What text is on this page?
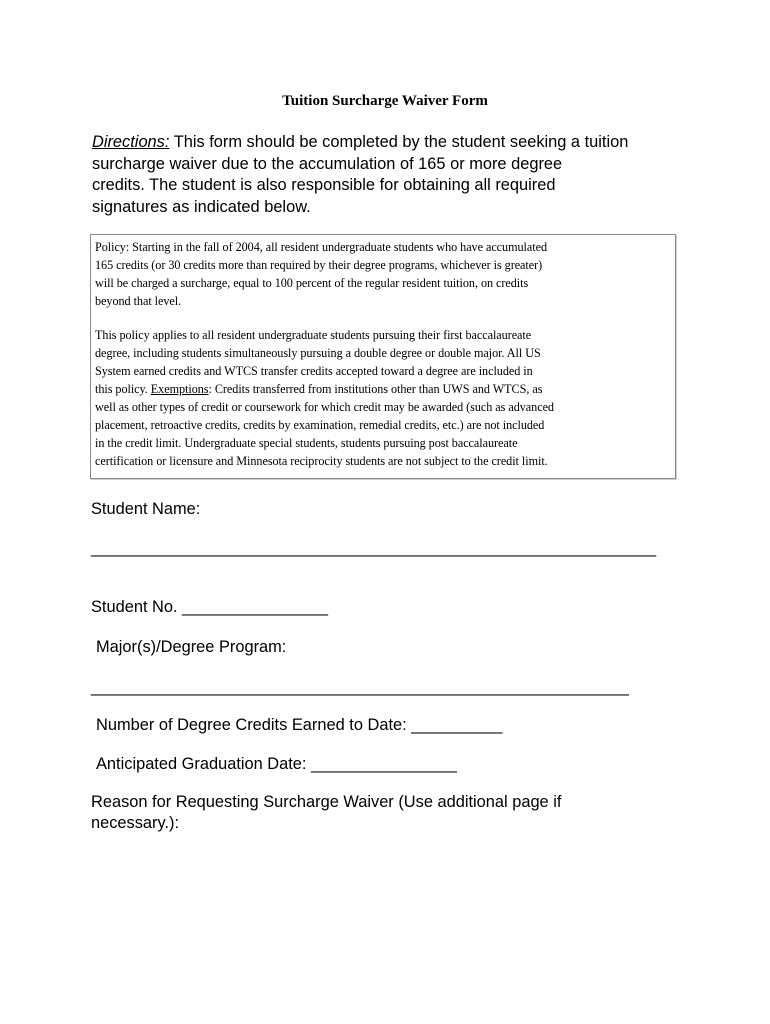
Tuition Surcharge Waiver Form
Directions: This form should be completed by the student seeking a tuition
surcharge waiver due to the accumulation of 165 or more degree
credits. The student is also responsible for obtaining all required
signatures as indicated below.

Policy: Starting in the fall of 2004, all resident undergraduate students who have accumulated
165 credits (or 30 credits more than required by their degree programs, whichever is greater)
will be charged a surcharge, equal to 100 percent of the regular resident tuition, on credits
beyond that level.

This policy applies to all resident undergraduate students pursuing their first baccalaureate
degree, including students simultaneously pursuing a double degree or double major. All US
System earned credits and WTCS transfer credits accepted toward a degree are included in
this policy. Exemptions: Credits transferred from institutions other than UWS and WTCS, as
well as other types of credit or coursework for which credit may be awarded (such as advanced
placement, retroactive credits, credits by examination, remedial credits, etc.) are not included
in the credit limit. Undergraduate special students, students pursuing post baccalaureate
certification or licensure and Minnesota reciprocity students are not subject to the credit limit.

Student Name:
______________________________________________________________
Student No. ________________
Major(s)/Degree Program:
___________________________________________________________
Number of Degree Credits Earned to Date: __________
Anticipated Graduation Date: ________________
Reason for Requesting Surcharge Waiver (Use additional page if
necessary.):
